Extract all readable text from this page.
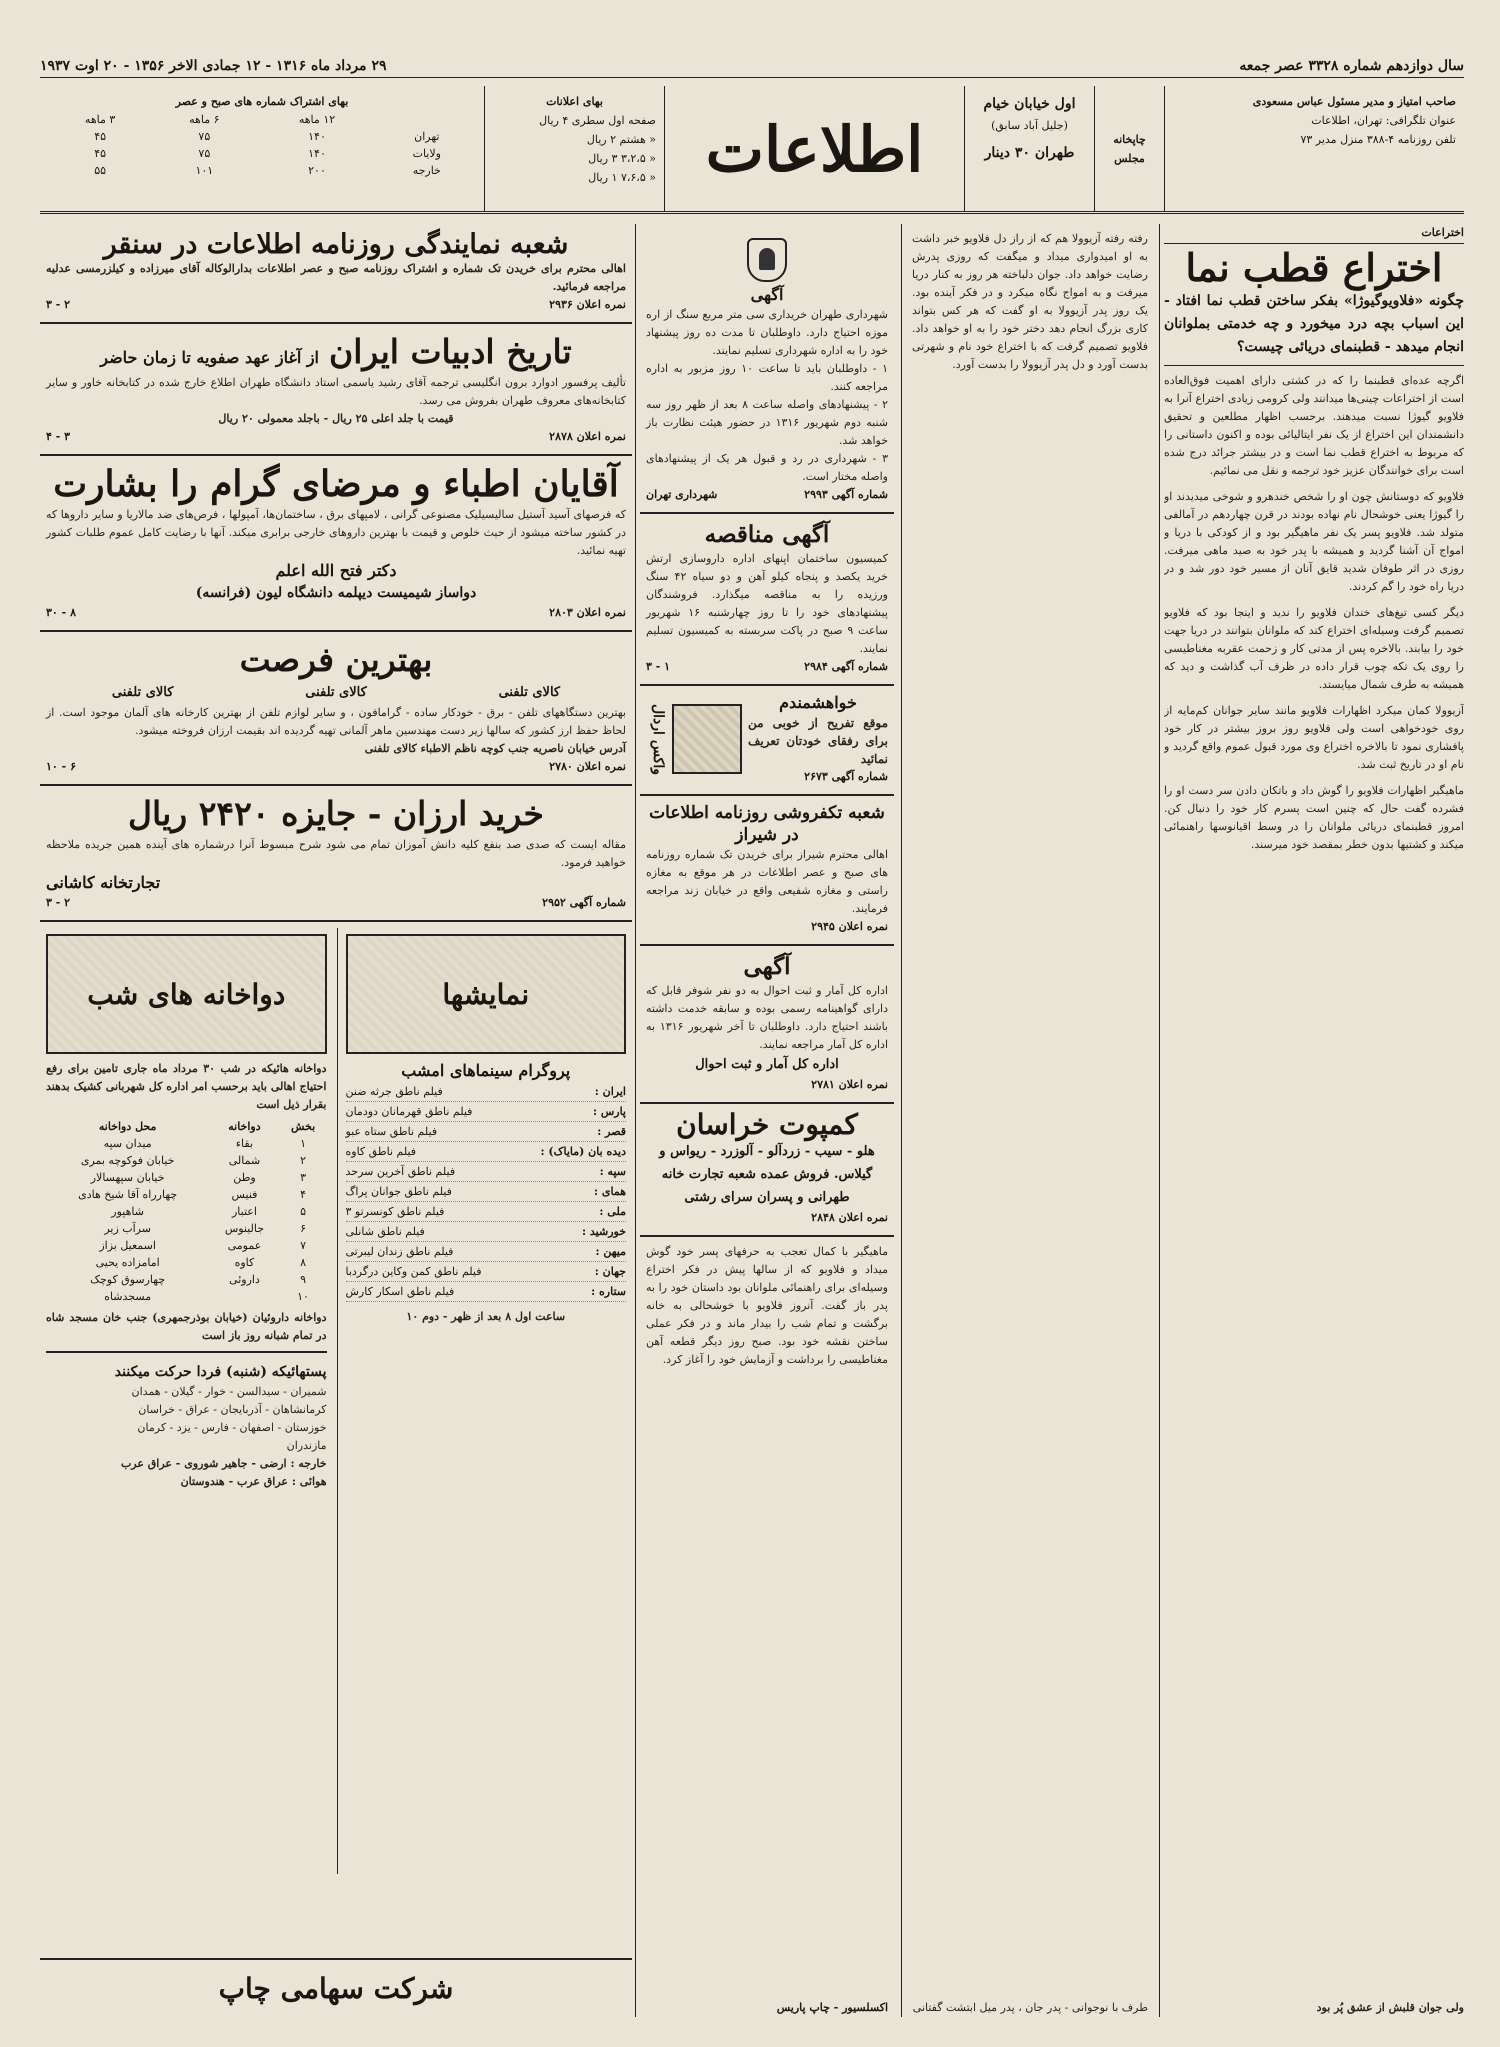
سال دوازدهم شماره ۳۳۲۸ عصر جمعه
۲۹ مرداد ماه ۱۳۱۶ - ۱۲ جمادی الاخر ۱۳۵۶ - ۲۰ اوت ۱۹۳۷
صاحب امتیاز و مدیر مسئول عباس مسعودی
عنوان تلگرافی: تهران، اطلاعات
تلفن روزنامه ۴-۳۸۸ منزل مدیر ۷۳
چاپخانه مجلس
اول خیابان خیام
(جلیل آباد سابق)
طهران ۳۰ دینار
اطلاعات
بهای اعلانات
صفحه اول سطری ۴ ریال
« هشتم ۲ ریال
« ۳،۲،۵ ۳ ریال
« ۷،۶،۵ ۱ ریال
بهای اشتراک شماره های صبح و عصر
	۱۲ ماهه	۶ ماهه	۳ ماهه
تهران	۱۴۰	۷۵	۴۵
ولایات	۱۴۰	۷۵	۴۵
خارجه	۲۰۰	۱۰۱	۵۵
اختراعات
اختراع قطب نما
چگونه «فلاویوگیوژا» بفکر ساختن قطب نما افتاد - این اسباب بچه درد میخورد و چه خدمتی بملوانان انجام میدهد - قطبنمای دریائی چیست؟
اگرچه عده‌ای قطبنما را که در کشتی دارای اهمیت فوق‌العاده است از اختراعات چینی‌ها میدانند ولی کرومی زیادی اختراع آنرا به فلاویو گیوژا نسبت میدهند. برحسب اظهار مطلعین و تحقیق دانشمندان این اختراع از یک نفر ایتالیائی بوده و اکنون داستانی را که مربوط به اختراع قطب نما است و در بیشتر جرائد درج شده است برای خوانندگان عزیز خود ترجمه و نقل می نمائیم.
فلاویو که دوستانش چون او را شخص خندهرو و شوخی میدیدند او را گیوژا یعنی خوشحال نام نهاده بودند در قرن چهاردهم در آمالفی متولد شد. فلاویو پسر یک نفر ماهیگیر بود و از کودکی با دریا و امواج آن آشنا گردید و همیشه با پدر خود به صید ماهی میرفت. روزی در اثر طوفان شدید قایق آنان از مسیر خود دور شد و در دریا راه خود را گم کردند.
دیگر کسی تیغ‌های خندان فلاویو را ندید و اینجا بود که فلاویو تصمیم گرفت وسیله‌ای اختراع کند که ملوانان بتوانند در دریا جهت خود را بیابند. بالاخره پس از مدتی کار و زحمت عقربه مغناطیسی را روی یک تکه چوب قرار داده در ظرف آب گذاشت و دید که همیشه به طرف شمال میایستد.
آزیوولا کمان میکرد اظهارات فلاویو مانند سایر جوانان کم‌مایه از روی خودخواهی است ولی فلاویو روز بروز بیشتر در کار خود پافشاری نمود تا بالاخره اختراع وی مورد قبول عموم واقع گردید و نام او در تاریخ ثبت شد.
ماهیگیر اظهارات فلاویو را گوش داد و باتکان دادن سر دست او را فشرده گفت حال که چنین است پسرم کار خود را دنبال کن. امروز قطبنمای دریائی ملوانان را در وسط اقیانوسها راهنمائی میکند و کشتیها بدون خطر بمقصد خود میرسند.
ولی جوان قلبش از عشق پُر بود
رفته رفته آزیوولا هم که از راز دل فلاویو خبر داشت به او امیدواری میداد و میگفت که روزی پدرش رضایت خواهد داد. جوان دلباخته هر روز به کنار دریا میرفت و به امواج نگاه میکرد و در فکر آینده بود. یک روز پدر آزیوولا به او گفت که هر کس بتواند کاری بزرگ انجام دهد دختر خود را به او خواهد داد. فلاویو تصمیم گرفت که با اختراع خود نام و شهرتی بدست آورد و دل پدر آزیوولا را بدست آورد.
آگهی
شهرداری طهران خریداری سی متر مربع سنگ از اره موزه احتیاج دارد. داوطلبان تا مدت ده روز پیشنهاد خود را به اداره شهرداری تسلیم نمایند.
۱ - داوطلبان باید تا ساعت ۱۰ روز مزبور به اداره مراجعه کنند.
۲ - پیشنهادهای واصله ساعت ۸ بعد از ظهر روز سه شنبه دوم شهریور ۱۳۱۶ در حضور هیئت نظارت باز خواهد شد.
۳ - شهرداری در رد و قبول هر یک از پیشنهادهای واصله مختار است.
شماره آگهی ۲۹۹۳
شهرداری تهران
آگهی مناقصه
کمیسیون ساختمان اپنهای اداره داروسازی ارتش خرید یکصد و پنجاه کیلو آهن و دو سیاه ۴۲ سنگ ورزیده را به مناقصه میگذارد. فروشندگان پیشنهادهای خود را تا روز چهارشنبه ۱۶ شهریور ساعت ۹ صبح در پاکت سربسته به کمیسیون تسلیم نمایند.
شماره آگهی ۲۹۸۴
۱ - ۳
خواهشمندم
موقع تفریح از خوبی من برای رفقای خودتان تعریف نمائید
شماره آگهی ۲۶۷۳
واکس اردال
شعبه تکفروشی روزنامه اطلاعات در شیراز
اهالی محترم شیراز برای خریدن تک شماره روزنامه های صبح و عصر اطلاعات در هر موقع به مغازه راستی و مغازه شفیعی واقع در خیابان زند مراجعه فرمایند.
نمره اعلان ۲۹۴۵
آگهی
اداره کل آمار و ثبت احوال به دو نفر شوفر قابل که دارای گواهینامه رسمی بوده و سابقه خدمت داشته باشند احتیاج دارد. داوطلبان تا آخر شهریور ۱۳۱۶ به اداره کل آمار مراجعه نمایند.
اداره کل آمار و ثبت احوال
نمره اعلان ۲۷۸۱
کمپوت خراسان
هلو - سیب - زردآلو - آلوزرد - ریواس و گیلاس. فروش عمده شعبه تجارت خانه طهرانی و پسران سرای رشتی
نمره اعلان ۲۸۴۸
ماهیگیر با کمال تعجب به حرفهای پسر خود گوش میداد و فلاویو که از سالها پیش در فکر اختراع وسیله‌ای برای راهنمائی ملوانان بود داستان خود را به پدر باز گفت. آنروز فلاویو با خوشحالی به خانه برگشت و تمام شب را بیدار ماند و در فکر عملی ساختن نقشه خود بود. صبح روز دیگر قطعه آهن مغناطیسی را برداشت و آزمایش خود را آغاز کرد.
اکسلسیور - چاپ پاریس
شعبه نمایندگی روزنامه اطلاعات در سنقر
اهالی محترم برای خریدن تک شماره و اشتراک روزنامه صبح و عصر اطلاعات بدارالوکاله آقای میرزاده و کیلزرمسی عدلیه مراجعه فرمائید.
نمره اعلان ۲۹۳۶
۲ - ۳
تاریخ ادبیات ایران
از آغاز عهد صفویه تا زمان حاضر
تألیف پرفسور ادوارد برون انگلیسی ترجمه آقای رشید یاسمی استاد دانشگاه طهران اطلاع خارج شده در کتابخانه خاور و سایر کتابخانه‌های معروف طهران بفروش می رسد.
قیمت با جلد اعلی ۲۵ ریال - باجلد معمولی ۲۰ ریال
نمره اعلان ۲۸۷۸
۳ - ۴
آقایان اطباء و مرضای گرام را بشارت
که فرصهای آسید آستیل سالیسیلیک مصنوعی گرانی ، لامپهای برق ، ساختمان‌ها، آمپولها ، فرص‌های ضد مالاریا و سایر داروها که در کشور ساخته میشود از حیث خلوص و قیمت با بهترین داروهای خارجی برابری میکند. آنها با رضایت کامل عموم طلبات کشور تهیه نمائید.
دکتر فتح الله اعلم
دواساز شیمیست دیپلمه دانشگاه لیون (فرانسه)
نمره اعلان ۲۸۰۳
۸ - ۳۰
بهترین فرصت
کالای تلفنی
کالای تلفنی
کالای تلفنی
بهترین دستگاههای تلفن - برق - خودکار ساده - گرامافون ، و سایر لوازم تلفن از بهترین کارخانه های آلمان موجود است. از لحاظ حفظ ارز کشور که سالها زیر دست مهندسین ماهر آلمانی تهیه گردیده اند بقیمت ارزان فروخته میشود.
آدرس خیابان ناصریه جنب کوچه ناظم الاطباء کالای تلفنی
نمره اعلان ۲۷۸۰
۶ - ۱۰
خرید ارزان - جایزه ۲۴۲۰ ریال
مقاله ایست که صدی صد بنفع کلیه دانش آموزان تمام می شود شرح مبسوط آنرا درشماره های آینده همین جریده ملاحظه خواهید فرمود.
تجارتخانه کاشانی
شماره آگهی ۲۹۵۲
۲ - ۳
نمایشها
پروگرام سینماهای امشب
ایران :
فیلم ناطق جرثه ضنن
پارس :
فیلم ناطق قهرمانان دودمان
قصر :
فیلم ناطق ستاه عبو
دیده بان (مایاک) :
فیلم ناطق کاوه
سپه :
فیلم ناطق آخرین سرحد
همای :
فیلم ناطق جوانان پراگ
ملی :
فیلم ناطق کونسرتو ۳
خورشید :
فیلم ناطق شانلی
میهن :
فیلم ناطق زندان لیبرتی
جهان :
فیلم ناطق کمن وکاین درگردبا
ستاره :
فیلم ناطق اسکار کارش
ساعت اول ۸ بعد از ظهر - دوم ۱۰
دواخانه های شب
دواخانه هائیکه در شب ۳۰ مرداد ماه جاری تامین برای رفع احتیاج اهالی باید برحسب امر اداره کل شهربانی کشیک بدهند بقرار ذیل است
بخش	دواخانه	محل دواخانه
۱	بقاء	میدان سپه
۲	شمالی	خیابان فوکوچه بمری
۳	وطن	خیابان سپهسالار
۴	فنیس	چهارراه آقا شیخ هادی
۵	اعتبار	شاهپور
۶	جالینوس	سرآب زیر
۷	عمومی	اسمعیل بزاز
۸	کاوه	امامزاده یحیی
۹	داروئی	چهارسوق کوچک
۱۰		مسجدشاه
دواخانه داروئیان (خیابان بوذرجمهری) جنب خان مسجد شاه در تمام شبانه روز باز است
پستهائیکه (شنبه) فردا حرکت میکنند
شمیران - سیدالسن - خوار - گیلان - همدان
کرمانشاهان - آذربایجان - عراق - خراسان
خوزستان - اصفهان - فارس - یزد - کرمان
مازندران
خارجه : ارضی - جاهیر شوروی - عراق عرب
هوائی : عراق عرب - هندوستان
شرکت سهامی چاپ
طرف با نوجوانی - پدر جان ، پدر میل ابتشت گفتانی
